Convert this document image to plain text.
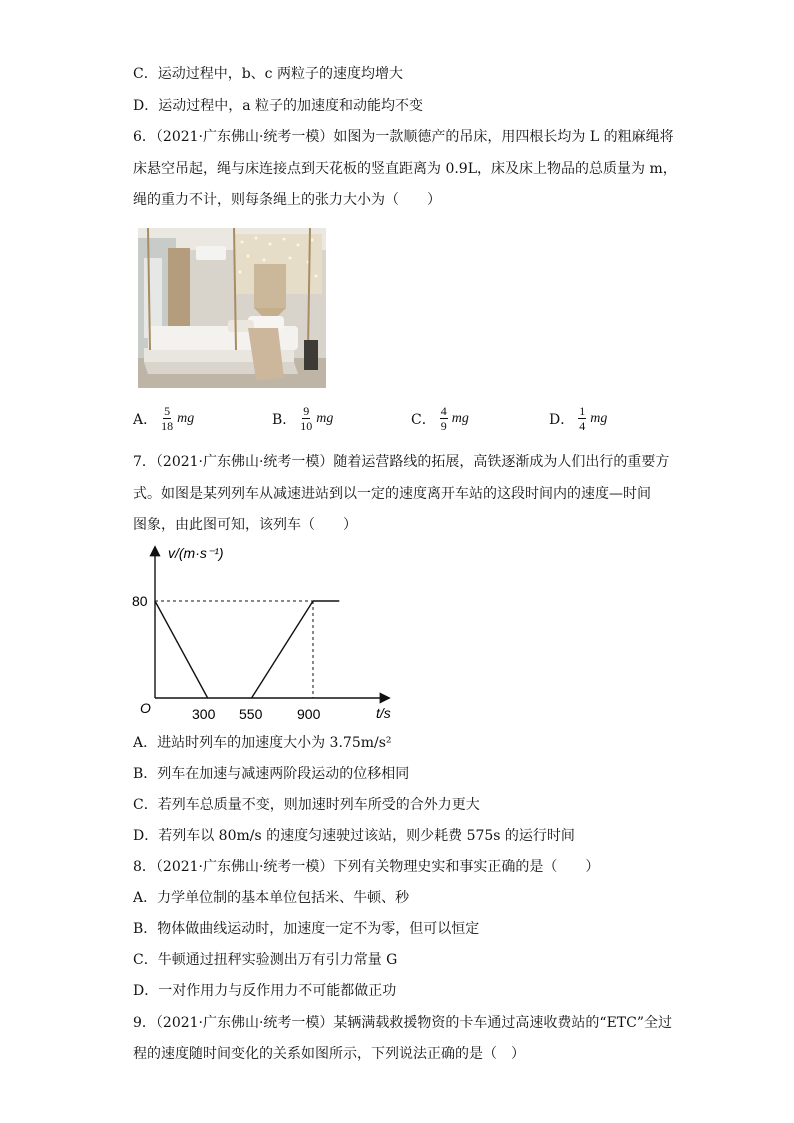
C．运动过程中，b、c 两粒子的速度均增大
D．运动过程中，a 粒子的加速度和动能均不变
6．（2021·广东佛山·统考一模）如图为一款顺德产的吊床，用四根长均为 L 的粗麻绳将
床悬空吊起，绳与床连接点到天花板的竖直距离为 0.9L，床及床上物品的总质量为 m，
绳的重力不计，则每条绳上的张力大小为（　　）
A． $\frac{5}{18}$ mg	B． $\frac{9}{10}$ mg	C． $\frac{4}{9}$ mg	D． $\frac{1}{4}$ mg
7．（2021·广东佛山·统考一模）随着运营路线的拓展，高铁逐渐成为人们出行的重要方
式。如图是某列列车从减速进站到以一定的速度离开车站的这段时间内的速度—时间
图象，由此图可知，该列车（　　）
v/(m·s⁻¹)
t/s
O
80
300 550 900
A．进站时列车的加速度大小为 3.75m/s²
B．列车在加速与减速两阶段运动的位移相同
C．若列车总质量不变，则加速时列车所受的合外力更大
D．若列车以 80m/s 的速度匀速驶过该站，则少耗费 575s 的运行时间
8．（2021·广东佛山·统考一模）下列有关物理史实和事实正确的是（　　）
A．力学单位制的基本单位包括米、牛顿、秒
B．物体做曲线运动时，加速度一定不为零，但可以恒定
C．牛顿通过扭秤实验测出万有引力常量 G
D．一对作用力与反作用力不可能都做正功
9．（2021·广东佛山·统考一模）某辆满载救援物资的卡车通过高速收费站的“ETC”全过
程的速度随时间变化的关系如图所示，下列说法正确的是（　）
